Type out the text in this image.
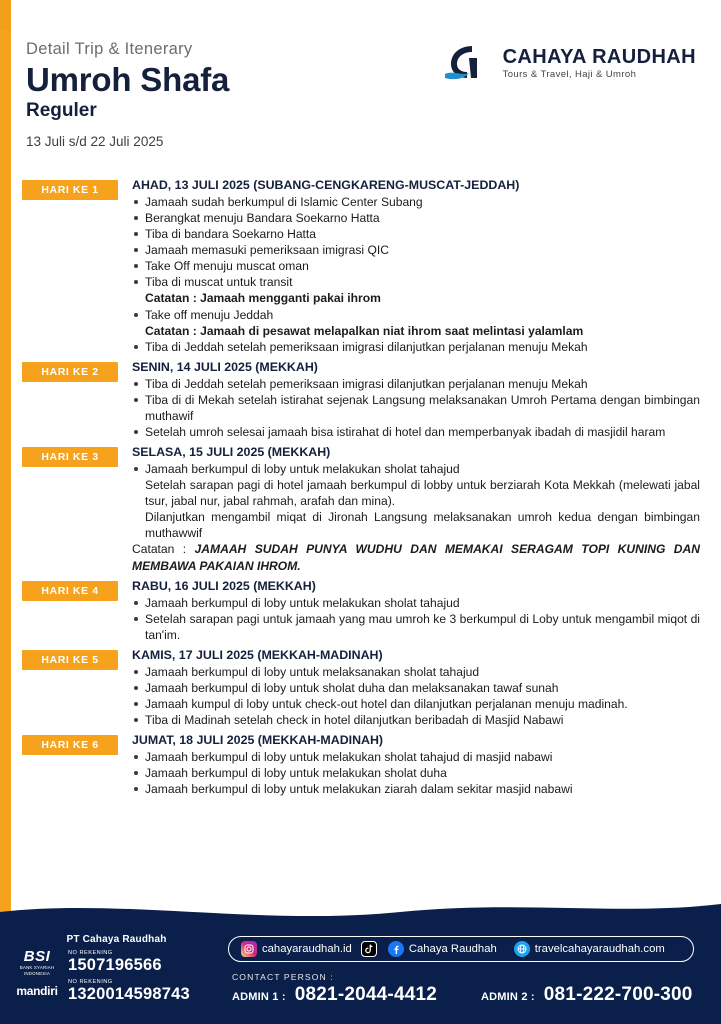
Detail Trip & Itenerary

Umroh Shafa
Reguler
13 Juli s/d 22 Juli 2025
CAHAYA RAUDHAH
Tours & Travel, Haji & Umroh
HARI KE 1	AHAD, 13 JULI 2025 (SUBANG-CENGKARENG-MUSCAT-JEDDAH)
Jamaah sudah berkumpul di Islamic Center Subang
Berangkat menuju Bandara Soekarno Hatta
Tiba di bandara Soekarno Hatta
Jamaah memasuki pemeriksaan imigrasi QIC
Take Off menuju muscat oman
Tiba di muscat untuk transit
Catatan : Jamaah mengganti pakai ihrom
Take off menuju Jeddah
Catatan : Jamaah di pesawat melapalkan niat ihrom saat melintasi yalamlam
Tiba di Jeddah setelah pemeriksaan imigrasi dilanjutkan perjalanan menuju Mekah
HARI KE 2	SENIN, 14 JULI 2025 (MEKKAH)
Tiba di Jeddah setelah pemeriksaan imigrasi dilanjutkan perjalanan menuju Mekah
Tiba di di Mekah setelah istirahat sejenak Langsung melaksanakan Umroh Pertama dengan bimbingan muthawif
Setelah umroh selesai jamaah bisa istirahat di hotel dan memperbanyak ibadah di masjidil haram
HARI KE 3	SELASA, 15 JULI 2025 (MEKKAH)
Jamaah berkumpul di loby untuk melakukan sholat tahajud
Setelah sarapan pagi di hotel jamaah berkumpul di lobby untuk berziarah Kota Mekkah (melewati jabal tsur, jabal nur, jabal rahmah, arafah dan mina).
Dilanjutkan mengambil miqat di Jironah Langsung melaksanakan umroh kedua dengan bimbingan muthawwif
Catatan : JAMAAH SUDAH PUNYA WUDHU DAN MEMAKAI SERAGAM TOPI KUNING DAN MEMBAWA PAKAIAN IHROM.
HARI KE 4	RABU, 16 JULI 2025 (MEKKAH)
Jamaah berkumpul di loby untuk melakukan sholat tahajud
Setelah sarapan pagi untuk jamaah yang mau umroh ke 3 berkumpul di Loby untuk mengambil miqot di tan'im.
HARI KE 5	KAMIS, 17 JULI 2025 (MEKKAH-MADINAH)
Jamaah berkumpul di loby untuk melaksanakan sholat tahajud
Jamaah berkumpul di loby untuk sholat duha dan melaksanakan tawaf sunah
Jamaah kumpul di loby untuk check-out hotel dan dilanjutkan perjalanan menuju madinah.
Tiba di Madinah setelah check in hotel dilanjutkan beribadah di Masjid Nabawi
HARI KE 6	JUMAT, 18 JULI 2025 (MEKKAH-MADINAH)
Jamaah berkumpul di loby untuk melakukan sholat tahajud di masjid nabawi
Jamaah berkumpul di loby untuk melakukan sholat duha
Jamaah berkumpul di loby untuk melakukan ziarah dalam sekitar masjid nabawi
PT Cahaya Raudhah
BSI
BANK SYARIAH INDONESIA
NO REKENING
1507196566
mandiri
NO REKENING
1320014598743
cahayaraudhah.id	Cahaya Raudhah	travelcahayaraudhah.com
CONTACT PERSON :
ADMIN 1 : 0821-2044-4412	ADMIN 2 : 081-222-700-300
